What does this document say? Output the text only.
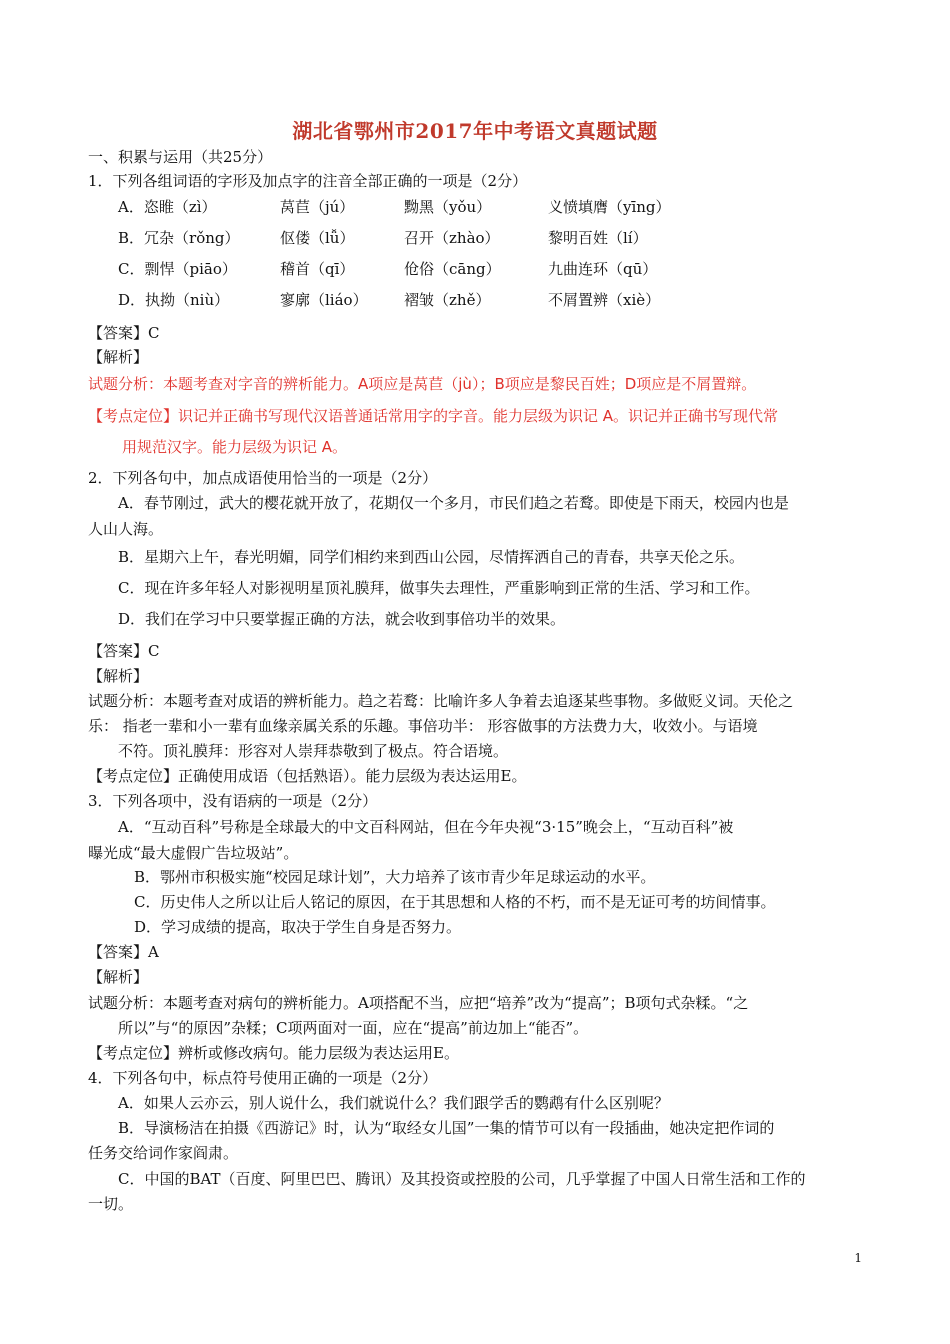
湖北省鄂州市2017年中考语文真题试题
一、积累与运用（共25分）
1．下列各组词语的字形及加点字的注音全部正确的一项是（2分）
A．恣睢（zì）	莴苣（jú）	黝黑（yǒu）	义愤填膺（yīng）
B．冗杂（rǒng）	伛偻（lǚ）	召开（zhào）	黎明百姓（lí）
C．剽悍（piāo）	稽首（qī）	伧俗（cāng）	九曲连环（qū）
D．执拗（niù）	寥廓（liáo） 褶皱（zhě）	不屑置辨（xiè）
【答案】C
【解析】
试题分析：本题考查对字音的辨析能力。A项应是莴苣（jù）；B项应是黎民百姓；D项应是不屑置辩。
【考点定位】识记并正确书写现代汉语普通话常用字的字音。能力层级为识记 A。识记并正确书写现代常
用规范汉字。能力层级为识记 A。
2．下列各句中，加点成语使用恰当的一项是（2分）
A．春节刚过，武大的樱花就开放了，花期仅一个多月，市民们趋之若鹜。即使是下雨天，校园内也是
人山人海。
B．星期六上午，春光明媚，同学们相约来到西山公园，尽情挥洒自己的青春，共享天伦之乐。
C．现在许多年轻人对影视明星顶礼膜拜，做事失去理性，严重影响到正常的生活、学习和工作。
D．我们在学习中只要掌握正确的方法，就会收到事倍功半的效果。
【答案】C
【解析】
试题分析：本题考查对成语的辨析能力。趋之若鹜：比喻许多人争着去追逐某些事物。多做贬义词。天伦之
乐： 指老一辈和小一辈有血缘亲属关系的乐趣。事倍功半： 形容做事的方法费力大，收效小。与语境
不符。顶礼膜拜：形容对人崇拜恭敬到了极点。符合语境。
【考点定位】正确使用成语（包括熟语）。能力层级为表达运用E。
3．下列各项中，没有语病的一项是（2分）
A．“互动百科”号称是全球最大的中文百科网站，但在今年央视“3·15”晚会上，“互动百科”被
曝光成“最大虚假广告垃圾站”。
B．鄂州市积极实施“校园足球计划”，大力培养了该市青少年足球运动的水平。
C．历史伟人之所以让后人铭记的原因，在于其思想和人格的不朽，而不是无证可考的坊间情事。
D．学习成绩的提高，取决于学生自身是否努力。
【答案】A
【解析】
试题分析：本题考查对病句的辨析能力。A项搭配不当，应把“培养”改为“提高”；B项句式杂糅。“之
所以”与“的原因”杂糅；C项两面对一面，应在“提高”前边加上“能否”。
【考点定位】辨析或修改病句。能力层级为表达运用E。
4．下列各句中，标点符号使用正确的一项是（2分）
A．如果人云亦云，别人说什么，我们就说什么？我们跟学舌的鹦鹉有什么区别呢？
B．导演杨洁在拍摄《西游记》时，认为“取经女儿国”一集的情节可以有一段插曲，她决定把作词的
任务交给词作家阎肃。
C．中国的BAT（百度、阿里巴巴、腾讯）及其投资或控股的公司，几乎掌握了中国人日常生活和工作的
一切。
1
